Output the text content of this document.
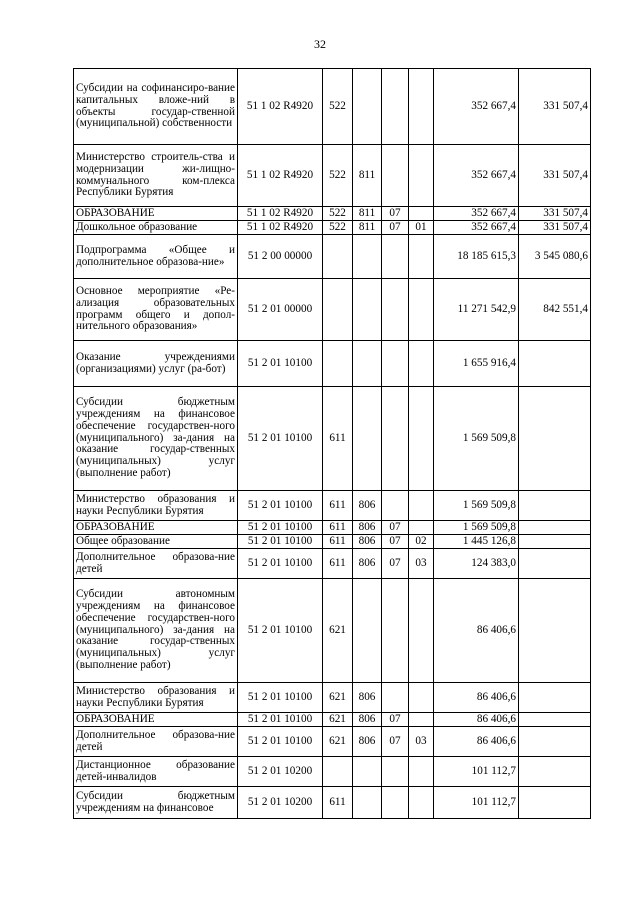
32
Субсидии на софинансиро-вание капитальных вложе-ний в объекты государ-ственной (муниципальной) собственности	51 1 02 R4920	522				352 667,4	331 507,4
Министерство строитель-ства и модернизации жи-лищно-коммунального ком-плекса Республики Бурятия	51 1 02 R4920	522	811			352 667,4	331 507,4
ОБРАЗОВАНИЕ	51 1 02 R4920	522	811	07		352 667,4	331 507,4
Дошкольное образование	51 1 02 R4920	522	811	07	01	352 667,4	331 507,4
Подпрограмма «Общее и дополнительное образова-ние»	51 2 00 00000					18 185 615,3	3 545 080,6
Основное мероприятие «Ре-ализация образовательных программ общего и допол-нительного образования»	51 2 01 00000					11 271 542,9	842 551,4
Оказание учреждениями (организациями) услуг (ра-бот)	51 2 01 10100					1 655 916,4	
Субсидии бюджетным учреждениям на финансовое обеспечение государствен-ного (муниципального) за-дания на оказание государ-ственных (муниципальных) услуг (выполнение работ)	51 2 01 10100	611				1 569 509,8	
Министерство образования и науки Республики Бурятия	51 2 01 10100	611	806			1 569 509,8	
ОБРАЗОВАНИЕ	51 2 01 10100	611	806	07		1 569 509,8	
Общее образование	51 2 01 10100	611	806	07	02	1 445 126,8	
Дополнительное образова-ние детей	51 2 01 10100	611	806	07	03	124 383,0	
Субсидии автономным учреждениям на финансовое обеспечение государствен-ного (муниципального) за-дания на оказание государ-ственных (муниципальных) услуг (выполнение работ)	51 2 01 10100	621				86 406,6	
Министерство образования и науки Республики Бурятия	51 2 01 10100	621	806			86 406,6	
ОБРАЗОВАНИЕ	51 2 01 10100	621	806	07		86 406,6	
Дополнительное образова-ние детей	51 2 01 10100	621	806	07	03	86 406,6	
Дистанционное образование детей-инвалидов	51 2 01 10200					101 112,7	
Субсидии бюджетным учреждениям на финансовое	51 2 01 10200	611				101 112,7	
